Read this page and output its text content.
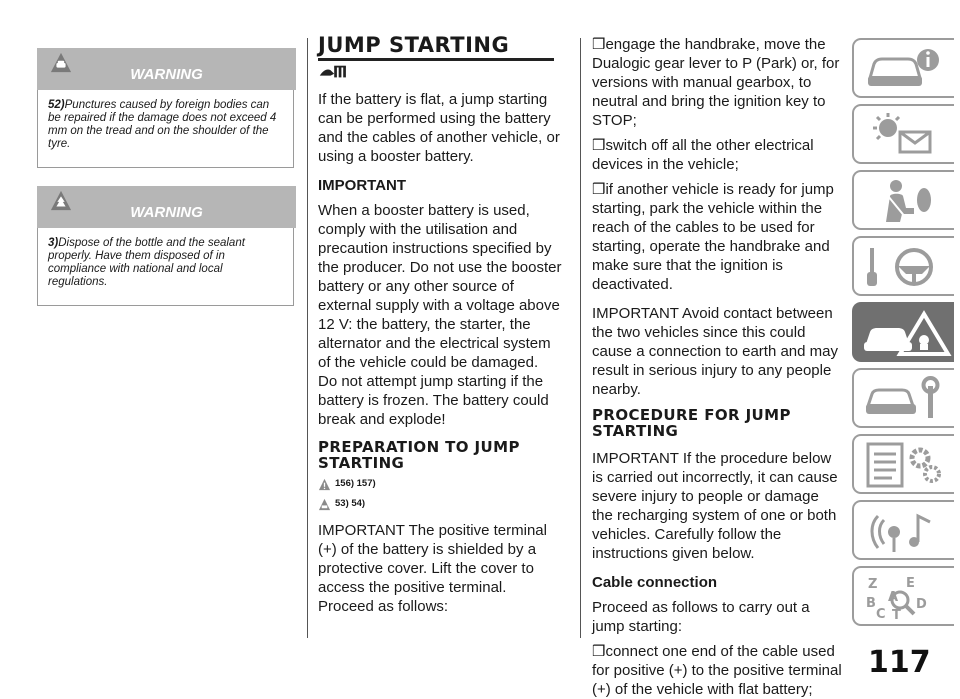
WARNING
52)Punctures caused by foreign bodies can be repaired if the damage does not exceed 4 mm on the tread and on the shoulder of the tyre.
WARNING
3)Dispose of the bottle and the sealant properly. Have them disposed of in compliance with national and local regulations.
JUMP STARTING

If the battery is flat, a jump starting can be performed using the battery and the cables of another vehicle, or using a booster battery.

IMPORTANT

When a booster battery is used, comply with the utilisation and precaution instructions specified by the producer. Do not use the booster battery or any other source of external supply with a voltage above 12 V: the battery, the starter, the alternator and the electrical system of the vehicle could be damaged.

Do not attempt jump starting if the battery is frozen. The battery could break and explode!

PREPARATION TO JUMP STARTING
156) 157)
53) 54)

IMPORTANT The positive terminal (+) of the battery is shielded by a protective cover. Lift the cover to access the positive terminal.

Proceed as follows:

❒engage the handbrake, move the Dualogic gear lever to P (Park) or, for versions with manual gearbox, to neutral and bring the ignition key to STOP;

❒switch off all the other electrical devices in the vehicle;

❒if another vehicle is ready for jump starting, park the vehicle within the reach of the cables to be used for starting, operate the handbrake and make sure that the ignition is deactivated.

IMPORTANT Avoid contact between the two vehicles since this could cause a connection to earth and may result in serious injury to any people nearby.

PROCEDURE FOR JUMP STARTING

IMPORTANT If the procedure below is carried out incorrectly, it can cause severe injury to people or damage the recharging system of one or both vehicles. Carefully follow the instructions given below.

Cable connection

Proceed as follows to carry out a jump starting:

❒connect one end of the cable used for positive (+) to the positive terminal (+) of the vehicle with flat battery;

Z E
A
B	D
C T
117
